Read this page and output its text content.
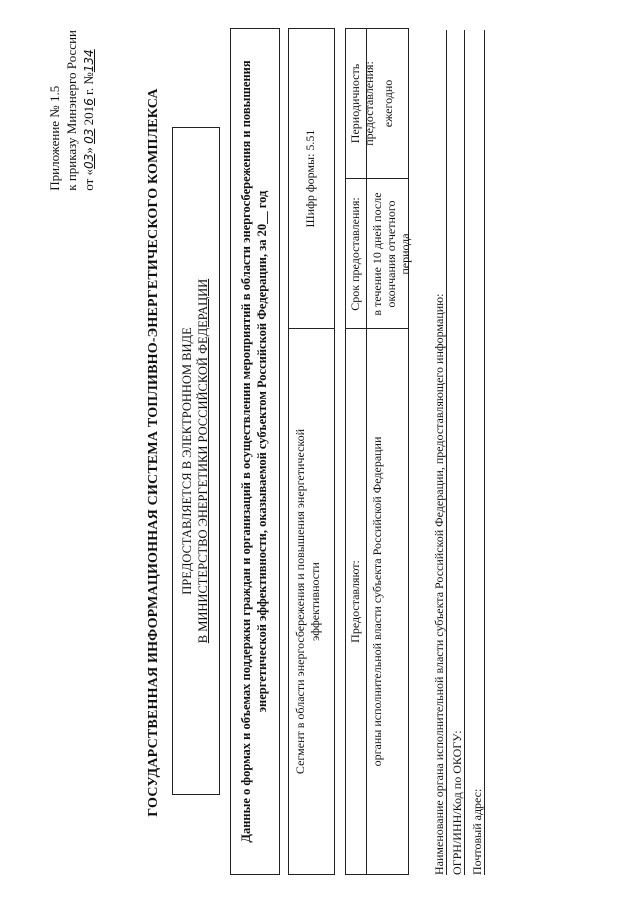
Приложение № 1.5 к приказу Минэнерго России от «03» 03 2016 г. №134
ГОСУДАРСТВЕННАЯ ИНФОРМАЦИОННАЯ СИСТЕМА ТОПЛИВНО-ЭНЕРГЕТИЧЕСКОГО КОМПЛЕКСА	ПРЕДОСТАВЛЯЕТСЯ В ЭЛЕКТРОННОМ ВИДЕ В МИНИСТЕРСТВО ЭНЕРГЕТИКИ РОССИЙСКОЙ ФЕДЕРАЦИИ	Данные о формах и объемах поддержки граждан и организаций в осуществлении мероприятий в области энергосбережения и повышения энергетической эффективности, оказываемой субъектом Российской Федерации, за 20__ год	Сегмент в области энергосбережения и повышения энергетической
эффективности
Шифр формы: 5.51
Предоставляют: органы исполнительной власти субъекта Российской Федерации
Срок предоставления: в течение 10 дней после
окончания отчетного периода
Периодичность предоставления: ежегодно
Наименование органа исполнительной власти субъекта Российской Федерации, предоставляющего информацию: ОГРН/ИНН/Код по ОКОГУ: Почтовый адрес:
